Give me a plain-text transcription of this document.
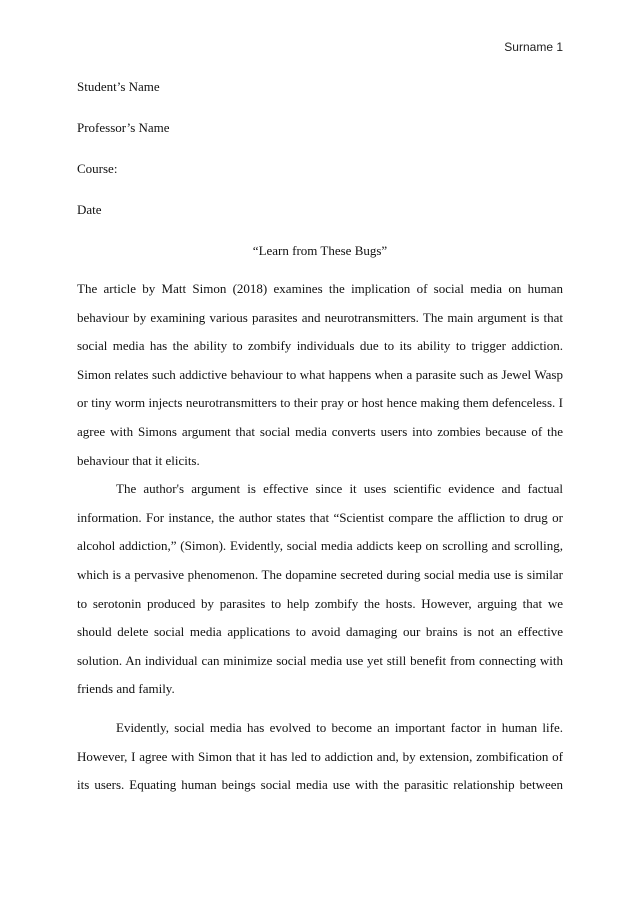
Surname 1
Student’s Name
Professor’s Name
Course:
Date
“Learn from These Bugs”
The article by Matt Simon (2018) examines the implication of social media on human
behaviour by examining various parasites and neurotransmitters. The main argument is that
social media has the ability to zombify individuals due to its ability to trigger addiction.
Simon relates such addictive behaviour to what happens when a parasite such as Jewel Wasp
or tiny worm injects neurotransmitters to their pray or host hence making them defenceless. I
agree with Simons argument that social media converts users into zombies because of the
behaviour that it elicits.
The author's argument is effective since it uses scientific evidence and factual
information. For instance, the author states that “Scientist compare the affliction to drug or
alcohol addiction,” (Simon). Evidently, social media addicts keep on scrolling and scrolling,
which is a pervasive phenomenon. The dopamine secreted during social media use is similar
to serotonin produced by parasites to help zombify the hosts. However, arguing that we
should delete social media applications to avoid damaging our brains is not an effective
solution. An individual can minimize social media use yet still benefit from connecting with
friends and family.
Evidently, social media has evolved to become an important factor in human life.
However, I agree with Simon that it has led to addiction and, by extension, zombification of
its users. Equating human beings social media use with the parasitic relationship between
